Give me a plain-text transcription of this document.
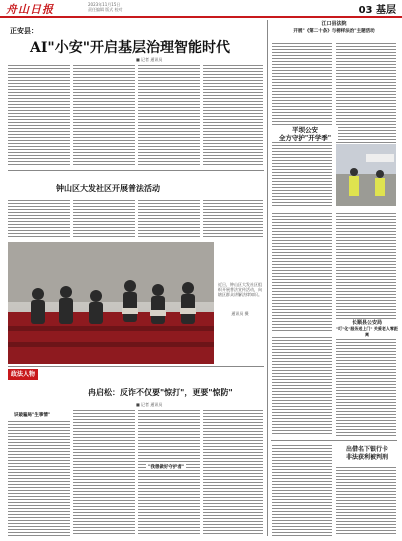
舟山日报	2023年11月15日
责任编辑 版式 校对	03 基层
正安县：
AI"小安"开启基层治理智能时代
■ 记者 通讯员
钟山区大发社区开展普法活动
近日，钟山区大发社区组织开展普法宣传活动，向辖区群众讲解法律知识。
通讯员 摄
政法人物
冉启松：反诈不仅要"惊打"，更要"惊防"
■ 记者 通讯员
识破骗局"生事情"
"我想做好守护者"
江口县法院
开展"《第二十条》与榜样法治"主题活动
平坝公安
全方守护"开学季"
长顺县公安局
"叮"化"服务送上门" 关爱老人零距离
出借名下银行卡
非法获利被判刑
